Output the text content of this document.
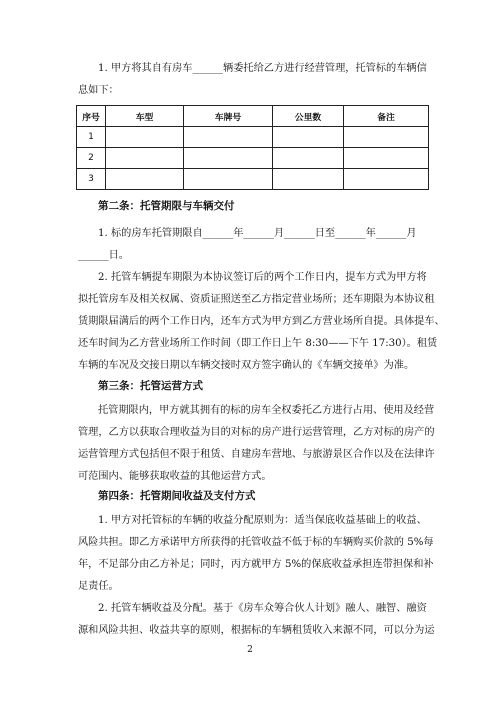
1. 甲方将其自有房车______辆委托给乙方进行经营管理，托管标的车辆信
息如下：
序号	车型	车牌号	公里数	备注
1				
2				
3				

第二条：托管期限与车辆交付

1. 标的房车托管期限自______年______月______日至______年______月
______日。
2. 托管车辆提车期限为本协议签订后的两个工作日内，提车方式为甲方将
拟托管房车及相关权属、资质证照送至乙方指定营业场所；还车期限为本协议租
赁期限届满后的两个工作日内，还车方式为甲方到乙方营业场所自提。具体提车、
还车时间为乙方营业场所工作时间（即工作日上午 8:30——下午 17:30）。租赁
车辆的车况及交接日期以车辆交接时双方签字确认的《车辆交接单》为准。

第三条：托管运营方式

托管期限内，甲方就其拥有的标的房车全权委托乙方进行占用、使用及经营
管理，乙方以获取合理收益为目的对标的房产进行运营管理，乙方对标的房产的
运营管理方式包括但不限于租赁、自建房车营地、与旅游景区合作以及在法律许
可范围内、能够获取收益的其他运营方式。

第四条：托管期间收益及支付方式

1. 甲方对托管标的车辆的收益分配原则为：适当保底收益基础上的收益、
风险共担。即乙方承诺甲方所获得的托管收益不低于标的车辆购买价款的 5%每
年，不足部分由乙方补足；同时，丙方就甲方 5%的保底收益承担连带担保和补
足责任。
2. 托管车辆收益及分配。基于《房车众筹合伙人计划》融人、融智、融资
源和风险共担、收益共享的原则，根据标的车辆租赁收入来源不同，可以分为运
2
